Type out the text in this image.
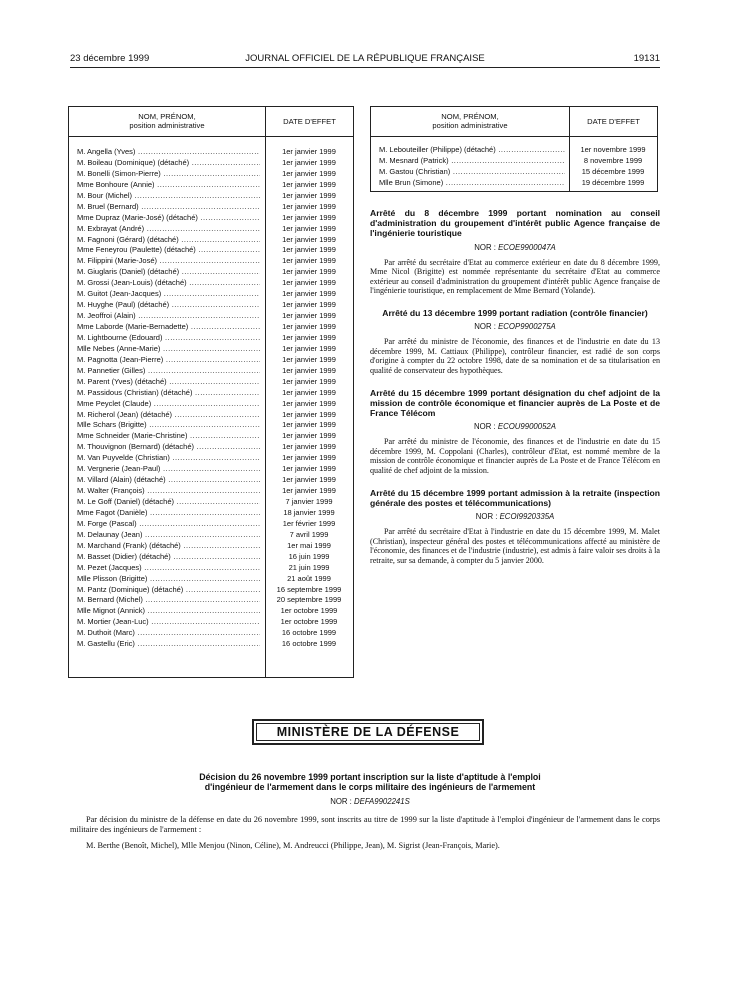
23 décembre 1999	JOURNAL OFFICIEL DE LA RÉPUBLIQUE FRANÇAISE	19131
NOM, PRÉNOM,
position administrative	DATE D'EFFET
M. Angella (Yves) .....	1er janvier 1999
M. Boileau (Dominique) (détaché) .....	1er janvier 1999
M. Bonelli (Simon-Pierre) .....	1er janvier 1999
Mme Bonhoure (Annie) .....	1er janvier 1999
M. Bour (Michel) .....	1er janvier 1999
M. Bruel (Bernard) .....	1er janvier 1999
Mme Dupraz (Marie-José) (détaché) .....	1er janvier 1999
M. Exbrayat (André) .....	1er janvier 1999
M. Fagnoni (Gérard) (détaché) .....	1er janvier 1999
Mme Feneyrou (Paulette) (détaché) .....	1er janvier 1999
M. Filippini (Marie-José) .....	1er janvier 1999
M. Giuglaris (Daniel) (détaché) .....	1er janvier 1999
M. Grossi (Jean-Louis) (détaché) .....	1er janvier 1999
M. Guitot (Jean-Jacques) .....	1er janvier 1999
M. Huyghe (Paul) (détaché) .....	1er janvier 1999
M. Jeoffroi (Alain) .....	1er janvier 1999
Mme Laborde (Marie-Bernadette) .....	1er janvier 1999
M. Lightbourne (Edouard) .....	1er janvier 1999
Mlle Nebes (Anne-Marie) .....	1er janvier 1999
M. Pagnotta (Jean-Pierre) .....	1er janvier 1999
M. Pannetier (Gilles) .....	1er janvier 1999
M. Parent (Yves) (détaché) .....	1er janvier 1999
M. Passidous (Christian) (détaché) .....	1er janvier 1999
Mme Peyclet (Claude) .....	1er janvier 1999
M. Richerol (Jean) (détaché) .....	1er janvier 1999
Mlle Schars (Brigitte) .....	1er janvier 1999
Mme Schneider (Marie-Christine) .....	1er janvier 1999
M. Thouvignon (Bernard) (détaché) .....	1er janvier 1999
M. Van Puyvelde (Christian) .....	1er janvier 1999
M. Vergnerie (Jean-Paul) .....	1er janvier 1999
M. Villard (Alain) (détaché) .....	1er janvier 1999
M. Walter (François) .....	1er janvier 1999
M. Le Goff (Daniel) (détaché) .....	7 janvier 1999
Mme Fagot (Danièle) .....	18 janvier 1999
M. Forge (Pascal) .....	1er février 1999
M. Delaunay (Jean) .....	7 avril 1999
M. Marchand (Frank) (détaché) .....	1er mai 1999
M. Basset (Didier) (détaché) .....	16 juin 1999
M. Pezet (Jacques) .....	21 juin 1999
Mlle Plisson (Brigitte) .....	21 août 1999
M. Pantz (Dominique) (détaché) .....	16 septembre 1999
M. Bernard (Michel) .....	20 septembre 1999
Mlle Mignot (Annick) .....	1er octobre 1999
M. Mortier (Jean-Luc) .....	1er octobre 1999
M. Duthoit (Marc) .....	16 octobre 1999
M. Gastellu (Eric) .....	16 octobre 1999
NOM, PRÉNOM,
position administrative	DATE D'EFFET
M. Lebouteiller (Philippe) (détaché) .....	1er novembre 1999
M. Mesnard (Patrick) .....	8 novembre 1999
M. Gastou (Christian) .....	15 décembre 1999
Mlle Brun (Simone) .....	19 décembre 1999
Arrêté du 8 décembre 1999 portant nomination au conseil d'administration du groupement d'intérêt public Agence française de l'ingénierie touristique
NOR : ECOE9900047A
Par arrêté du secrétaire d'Etat au commerce extérieur en date du 8 décembre 1999, Mme Nicol (Brigitte) est nommée représentante du secrétaire d'Etat au commerce extérieur au conseil d'administration du groupement d'intérêt public Agence française de l'ingénierie touristique, en remplacement de Mme Bernard (Yolande).
Arrêté du 13 décembre 1999 portant radiation (contrôle financier)
NOR : ECOP9900275A
Par arrêté du ministre de l'économie, des finances et de l'industrie en date du 13 décembre 1999, M. Cattiaux (Philippe), contrôleur financier, est radié de son corps d'origine à compter du 22 octobre 1998, date de sa nomination et de sa titularisation en qualité de conservateur des hypothèques.
Arrêté du 15 décembre 1999 portant désignation du chef adjoint de la mission de contrôle économique et financier auprès de La Poste et de France Télécom
NOR : ECOU9900052A
Par arrêté du ministre de l'économie, des finances et de l'industrie en date du 15 décembre 1999, M. Coppolani (Charles), contrôleur d'Etat, est nommé membre de la mission de contrôle économique et financier auprès de La Poste et de France Télécom en qualité de chef adjoint de la mission.
Arrêté du 15 décembre 1999 portant admission à la retraite (inspection générale des postes et télécommunications)
NOR : ECOI9920335A
Par arrêté du secrétaire d'Etat à l'industrie en date du 15 décembre 1999, M. Malet (Christian), inspecteur général des postes et télécommunications affecté au ministère de l'économie, des finances et de l'industrie (industrie), est admis à faire valoir ses droits à la retraite, sur sa demande, à compter du 5 janvier 2000.
MINISTÈRE DE LA DÉFENSE
Décision du 26 novembre 1999 portant inscription sur la liste d'aptitude à l'emploi
d'ingénieur de l'armement dans le corps militaire des ingénieurs de l'armement
NOR : DEFA9902241S

Par décision du ministre de la défense en date du 26 novembre 1999, sont inscrits au titre de 1999 sur la liste d'aptitude à l'emploi d'ingénieur de l'armement dans le corps militaire des ingénieurs de l'armement :

M. Berthe (Benoît, Michel), Mlle Menjou (Ninon, Céline), M. Andreucci (Philippe, Jean), M. Sigrist (Jean-François, Marie).
